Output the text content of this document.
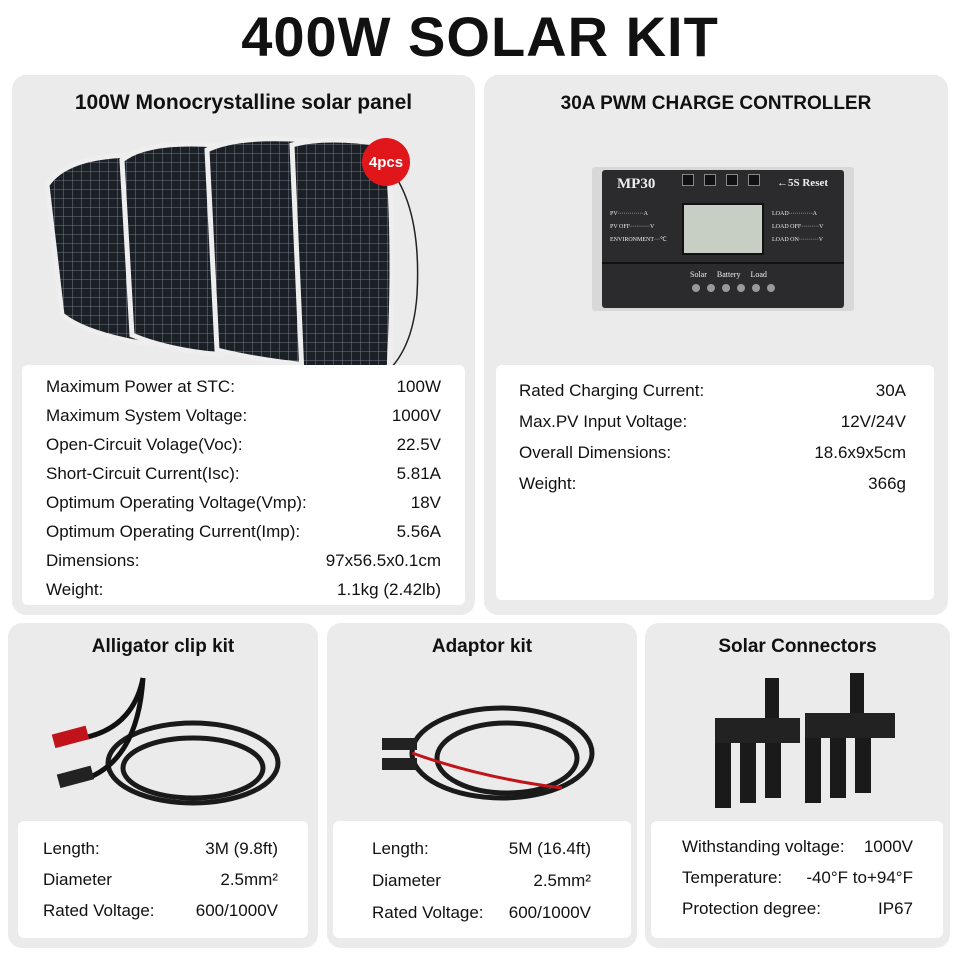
400W SOLAR KIT
100W Monocrystalline solar panel
4pcs
Maximum Power at STC:	100W
Maximum System Voltage:	1000V
Open-Circuit Volage(Voc):	22.5V
Short-Circuit Current(Isc):	5.81A
Optimum Operating Voltage(Vmp):	18V
Optimum Operating Current(Imp):	5.56A
Dimensions:	97x56.5x0.1cm
Weight:	1.1kg (2.42lb)
30A PWM CHARGE CONTROLLER
MP30	←5S Reset
PV·············A
PV OFF··········V
ENVIRONMENT···℃
LOAD············A
LOAD OFF·········V
LOAD ON··········V
Solar Battery Load
Rated Charging Current:	30A
Max.PV Input Voltage:	12V/24V
Overall Dimensions:	18.6x9x5cm
Weight:	366g
Alligator clip kit
Length:	3M (9.8ft)
Diameter	2.5mm²
Rated Voltage: 600/1000V
Adaptor kit
Length:	5M (16.4ft)
Diameter	2.5mm²
Rated Voltage: 600/1000V
Solar Connectors
Withstanding voltage: 1000V
Temperature: -40°F to+94°F
Protection degree:	IP67
